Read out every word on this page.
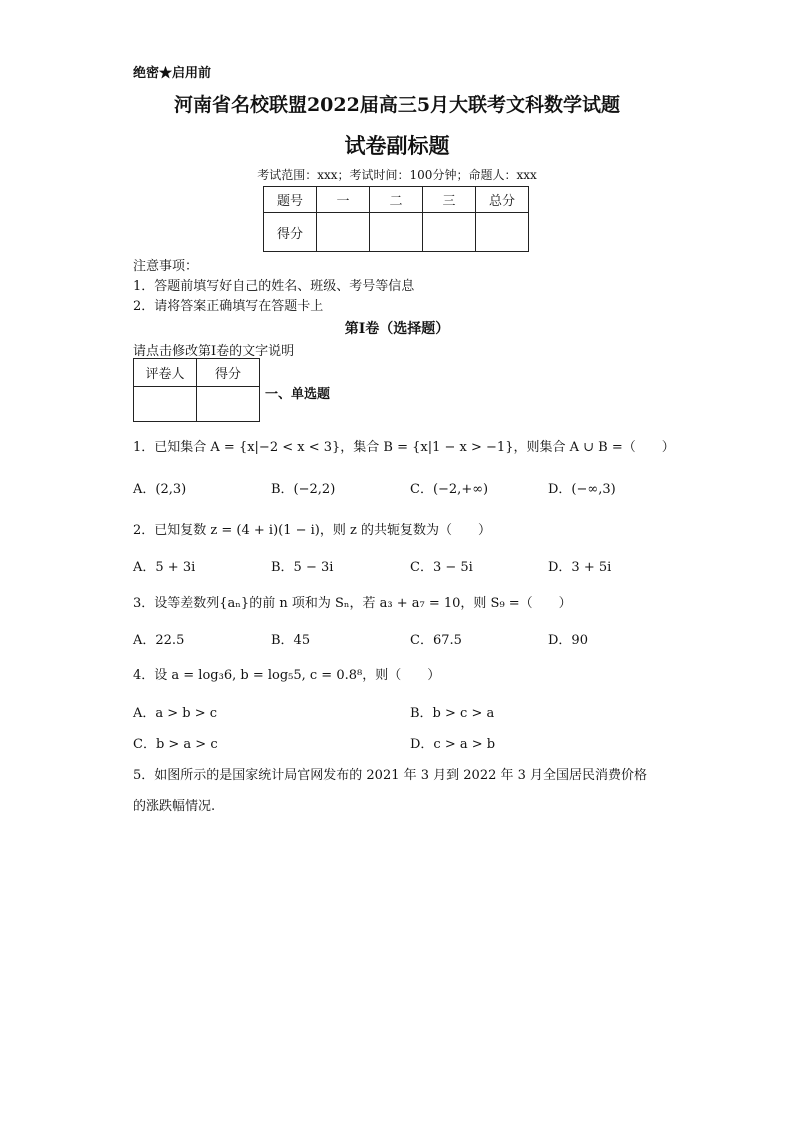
绝密★启用前
河南省名校联盟2022届高三5月大联考文科数学试题
试卷副标题
考试范围：xxx；考试时间：100分钟；命题人：xxx
题号	一	二	三	总分
得分				
注意事项：
1．答题前填写好自己的姓名、班级、考号等信息
2．请将答案正确填写在答题卡上
第I卷（选择题）
请点击修改第I卷的文字说明
评卷人	得分

一、单选题
1．已知集合 A = {x|−2 < x < 3}，集合 B = {x|1 − x > −1}，则集合 A ∪ B =（　　）
A．(2,3)	B．(−2,2)	C．(−2,+∞)	D．(−∞,3)
2．已知复数 z = (4 + i)(1 − i)，则 z 的共轭复数为（　　）
A．5 + 3i	B．5 − 3i	C．3 − 5i	D．3 + 5i
3．设等差数列{aₙ}的前 n 项和为 Sₙ，若 a₃ + a₇ = 10，则 S₉ =（　　）
A．22.5	B．45	C．67.5	D．90
4．设 a = log₃6, b = log₅5, c = 0.8⁸，则（　　）
A．a > b > c	B．b > c > a
C．b > a > c	D．c > a > b
5．如图所示的是国家统计局官网发布的 2021 年 3 月到 2022 年 3 月全国居民消费价格
的涨跌幅情况.
